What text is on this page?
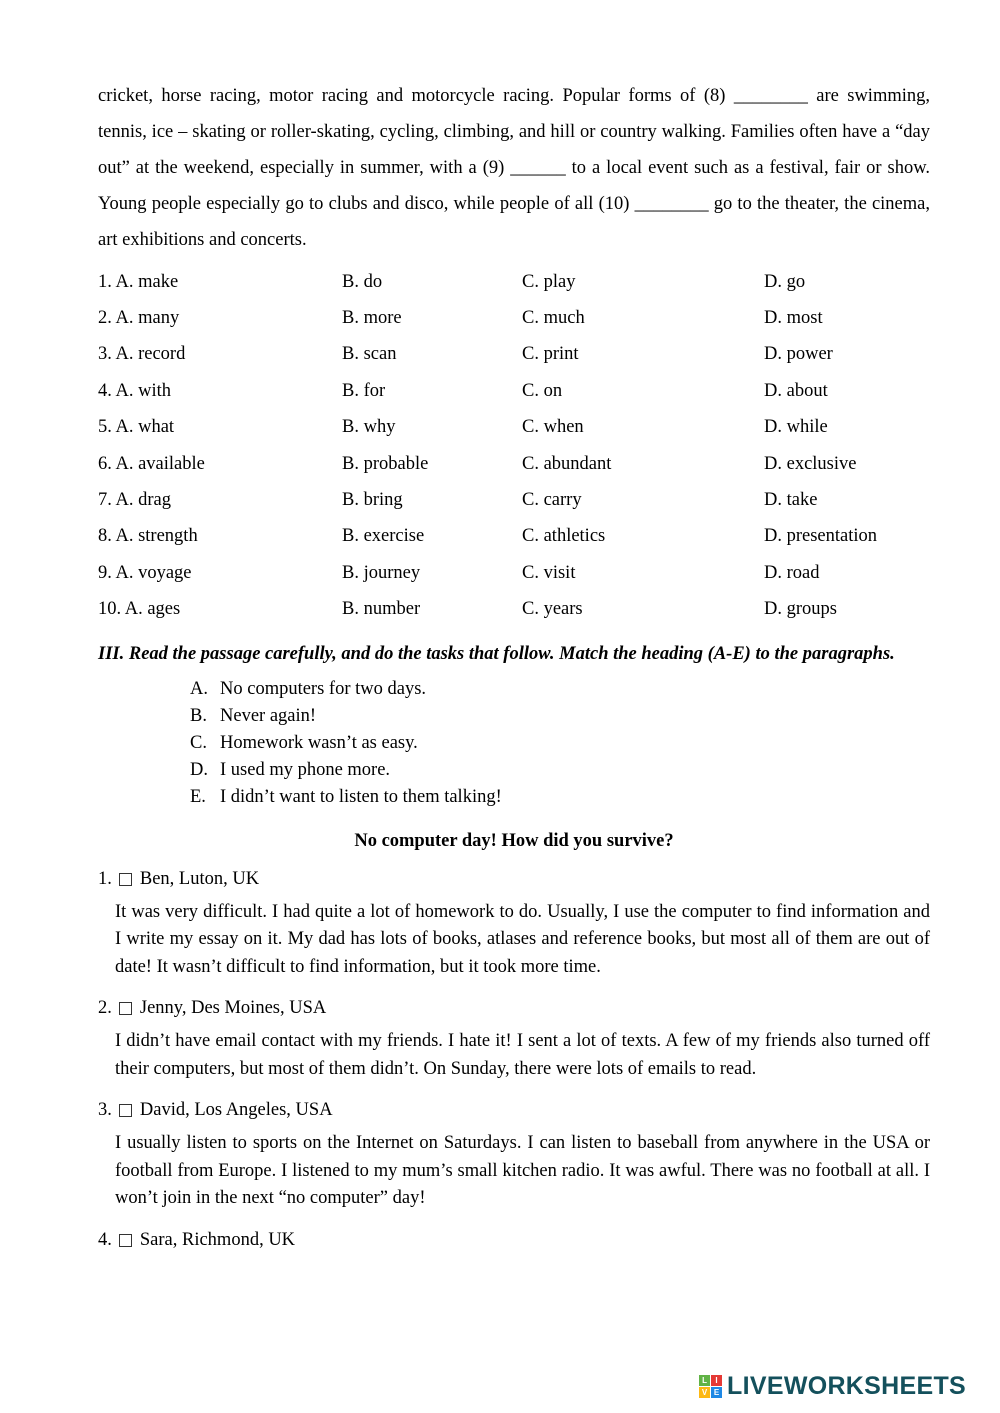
cricket, horse racing, motor racing and motorcycle racing. Popular forms of (8) ________ are swimming, tennis, ice – skating or roller-skating, cycling, climbing, and hill or country walking. Families often have a “day out” at the weekend, especially in summer, with a (9) ______ to a local event such as a festival, fair or show. Young people especially go to clubs and disco, while people of all (10) ________ go to the theater, the cinema, art exhibitions and concerts.

1. A. make	B. do	C. play	D. go
2. A. many	B. more	C. much	D. most
3. A. record	B. scan	C. print	D. power
4. A. with	B. for	C. on	D. about
5. A. what	B. why	C. when	D. while
6. A. available	B. probable	C. abundant	D. exclusive
7. A. drag	B. bring	C. carry	D. take
8. A. strength	B. exercise	C. athletics	D. presentation
9. A. voyage	B. journey	C. visit	D. road
10. A. ages	B. number	C. years	D. groups

III. Read the passage carefully, and do the tasks that follow. Match the heading (A-E) to the paragraphs.

A. No computers for two days.
B. Never again!
C. Homework wasn’t as easy.
D. I used my phone more.
E. I didn’t want to listen to them talking!

No computer day! How did you survive?

1. Ben, Luton, UK

It was very difficult. I had quite a lot of homework to do. Usually, I use the computer to find information and I write my essay on it. My dad has lots of books, atlases and reference books, but most all of them are out of date! It wasn’t difficult to find information, but it took more time.

2. Jenny, Des Moines, USA

I didn’t have email contact with my friends. I hate it! I sent a lot of texts. A few of my friends also turned off their computers, but most of them didn’t. On Sunday, there were lots of emails to read.

3. David, Los Angeles, USA

I usually listen to sports on the Internet on Saturdays. I can listen to baseball from anywhere in the USA or football from Europe. I listened to my mum’s small kitchen radio. It was awful. There was no football at all. I won’t join in the next “no computer” day!

4. Sara, Richmond, UK
L	I
V E LIVEWORKSHEETS
